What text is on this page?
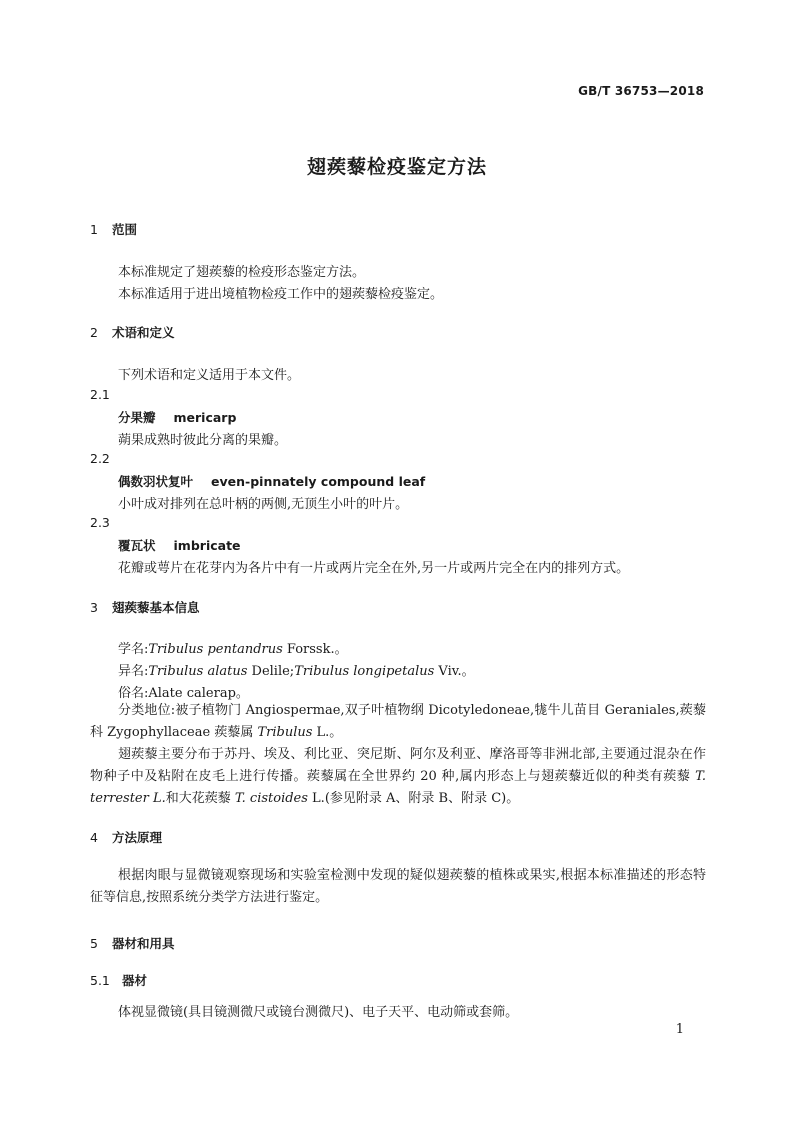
GB/T 36753—2018
翅蒺藜检疫鉴定方法
1 范围
本标准规定了翅蒺藜的检疫形态鉴定方法。
本标准适用于进出境植物检疫工作中的翅蒺藜检疫鉴定。
2 术语和定义
下列术语和定义适用于本文件。
2.1
分果瓣 mericarp
蒴果成熟时彼此分离的果瓣。
2.2
偶数羽状复叶 even-pinnately compound leaf
小叶成对排列在总叶柄的两侧,无顶生小叶的叶片。
2.3
覆瓦状 imbricate
花瓣或萼片在花芽内为各片中有一片或两片完全在外,另一片或两片完全在内的排列方式。
3 翅蒺藜基本信息
学名:Tribulus pentandrus Forssk.。
异名:Tribulus alatus Delile;Tribulus longipetalus Viv.。
俗名:Alate calerap。
分类地位:被子植物门 Angiospermae,双子叶植物纲 Dicotyledoneae,牻牛儿苗目 Geraniales,蒺藜科 Zygophyllaceae 蒺藜属 Tribulus L.。
翅蒺藜主要分布于苏丹、埃及、利比亚、突尼斯、阿尔及利亚、摩洛哥等非洲北部,主要通过混杂在作物种子中及粘附在皮毛上进行传播。蒺藜属在全世界约 20 种,属内形态上与翅蒺藜近似的种类有蒺藜 T. terrester L.和大花蒺藜 T. cistoides L.(参见附录 A、附录 B、附录 C)。
4 方法原理
根据肉眼与显微镜观察现场和实验室检测中发现的疑似翅蒺藜的植株或果实,根据本标准描述的形态特征等信息,按照系统分类学方法进行鉴定。
5 器材和用具
5.1 器材
体视显微镜(具目镜测微尺或镜台测微尺)、电子天平、电动筛或套筛。
1
